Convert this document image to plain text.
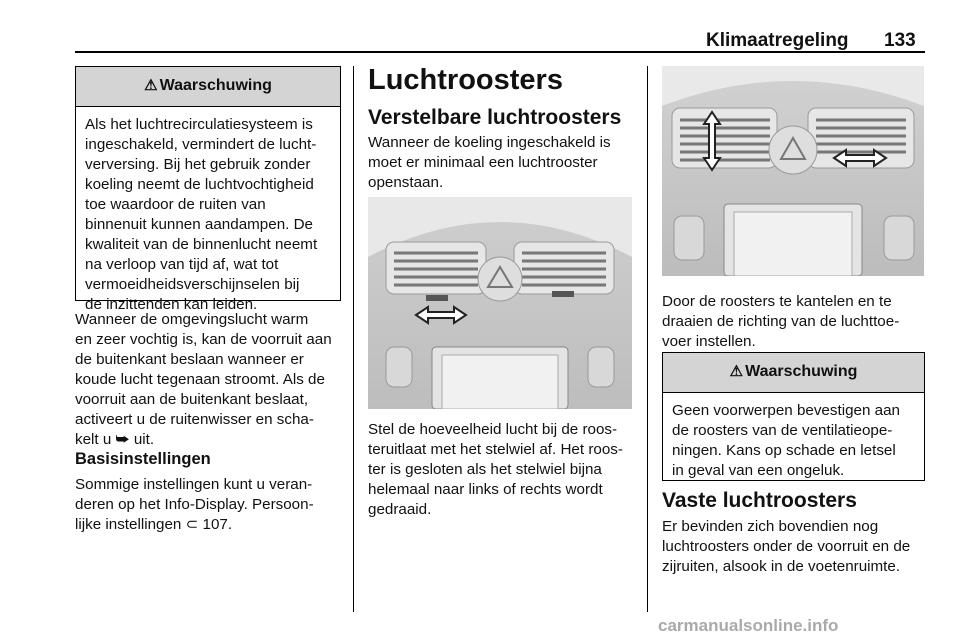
Klimaatregeling 133
⚠ Waarschuwing
Als het luchtrecirculatiesysteem is
ingeschakeld, vermindert de lucht-
verversing. Bij het gebruik zonder
koeling neemt de luchtvochtigheid
toe waardoor de ruiten van
binnenuit kunnen aandampen. De
kwaliteit van de binnenlucht neemt
na verloop van tijd af, wat tot
vermoeidheidsverschijnselen bij
de inzittenden kan leiden.
Wanneer de omgevingslucht warm
en zeer vochtig is, kan de voorruit aan
de buitenkant beslaan wanneer er
koude lucht tegenaan stroomt. Als de
voorruit aan de buitenkant beslaat,
activeert u de ruitenwisser en scha-
kelt u ⮩ uit.
Basisinstellingen
Sommige instellingen kunt u veran-
deren op het Info-Display. Persoon-
lijke instellingen ⊂ 107.
Luchtroosters
Verstelbare luchtroosters
Wanneer de koeling ingeschakeld is
moet er minimaal een luchtrooster
openstaan.
Stel de hoeveelheid lucht bij de roos-
teruitlaat met het stelwiel af. Het roos-
ter is gesloten als het stelwiel bijna
helemaal naar links of rechts wordt
gedraaid.
Door de roosters te kantelen en te
draaien de richting van de luchttoe-
voer instellen.
⚠ Waarschuwing
Geen voorwerpen bevestigen aan
de roosters van de ventilatieope-
ningen. Kans op schade en letsel
in geval van een ongeluk.
Vaste luchtroosters
Er bevinden zich bovendien nog
luchtroosters onder de voorruit en de
zijruiten, alsook in de voetenruimte.
carmanualsonline.info
